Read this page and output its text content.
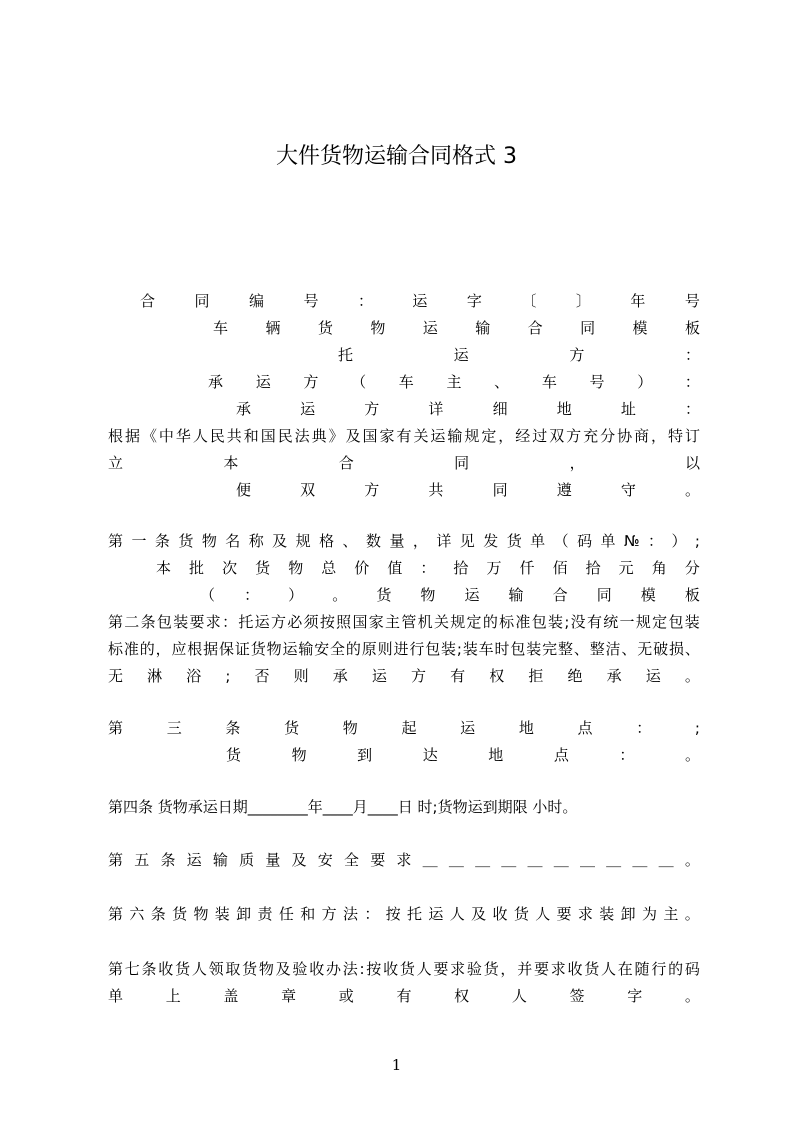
大件货物运输合同格式 3
合	同	编	号	：	运	字	〔	〕	年	号
车 辆 货 物 运 输 合 同 模 板
托	运	方	：
承 运 方 （ 车 主 、 车 号 ） ：
承	运	方	详	细	地	址	：
根 据 《 中 华 人 民 共 和 国 民 法 典 》 及 国 家 有 关 运 输 规 定 ， 经 过 双 方 充 分 协 商 ， 特 订
立	本	合	同	，	以
便	双	方	共	同	遵	守	。
第 一 条 货 物 名 称 及 规 格 、 数 量 ， 详 见 发 货 单 （ 码 单 № ： ） ;
本 批 次 货 物 总 价 值 ： 拾 万 仟 佰 拾 元 角 分
（ ： ） 。 货 物 运 输 合 同 模 板
第 二 条 包 装 要 求 ： 托 运 方 必 须 按 照 国 家 主 管 机 关 规 定 的 标 准 包 装 ; 没 有 统 一 规 定 包 装
标 准 的 ， 应 根 据 保 证 货 物 运 输 安 全 的 原 则 进 行 包 装 ; 装 车 时 包 装 完 整 、 整 洁 、 无 破 损 、
无 淋 浴 ; 否 则 承 运 方 有 权 拒 绝 承 运 。
第	三	条	货	物	起	运	地	点	：	;
货	物	到	达	地	点	：	。
第四条 货物承运日期________年____月____日 时;货物运到期限 小时。
第 五 条 运 输 质 量 及 安 全 要 求 ＿ ＿ ＿ ＿ ＿ ＿ ＿ ＿ ＿ ＿ 。
第 六 条 货 物 装 卸 责 任 和 方 法 ： 按 托 运 人 及 收 货 人 要 求 装 卸 为 主 。
第 七 条 收 货 人 领 取 货 物 及 验 收 办 法 : 按 收 货 人 要 求 验 货 ， 并 要 求 收 货 人 在 随 行 的 码
单	上	盖	章	或	有	权	人	签	字	。
1
